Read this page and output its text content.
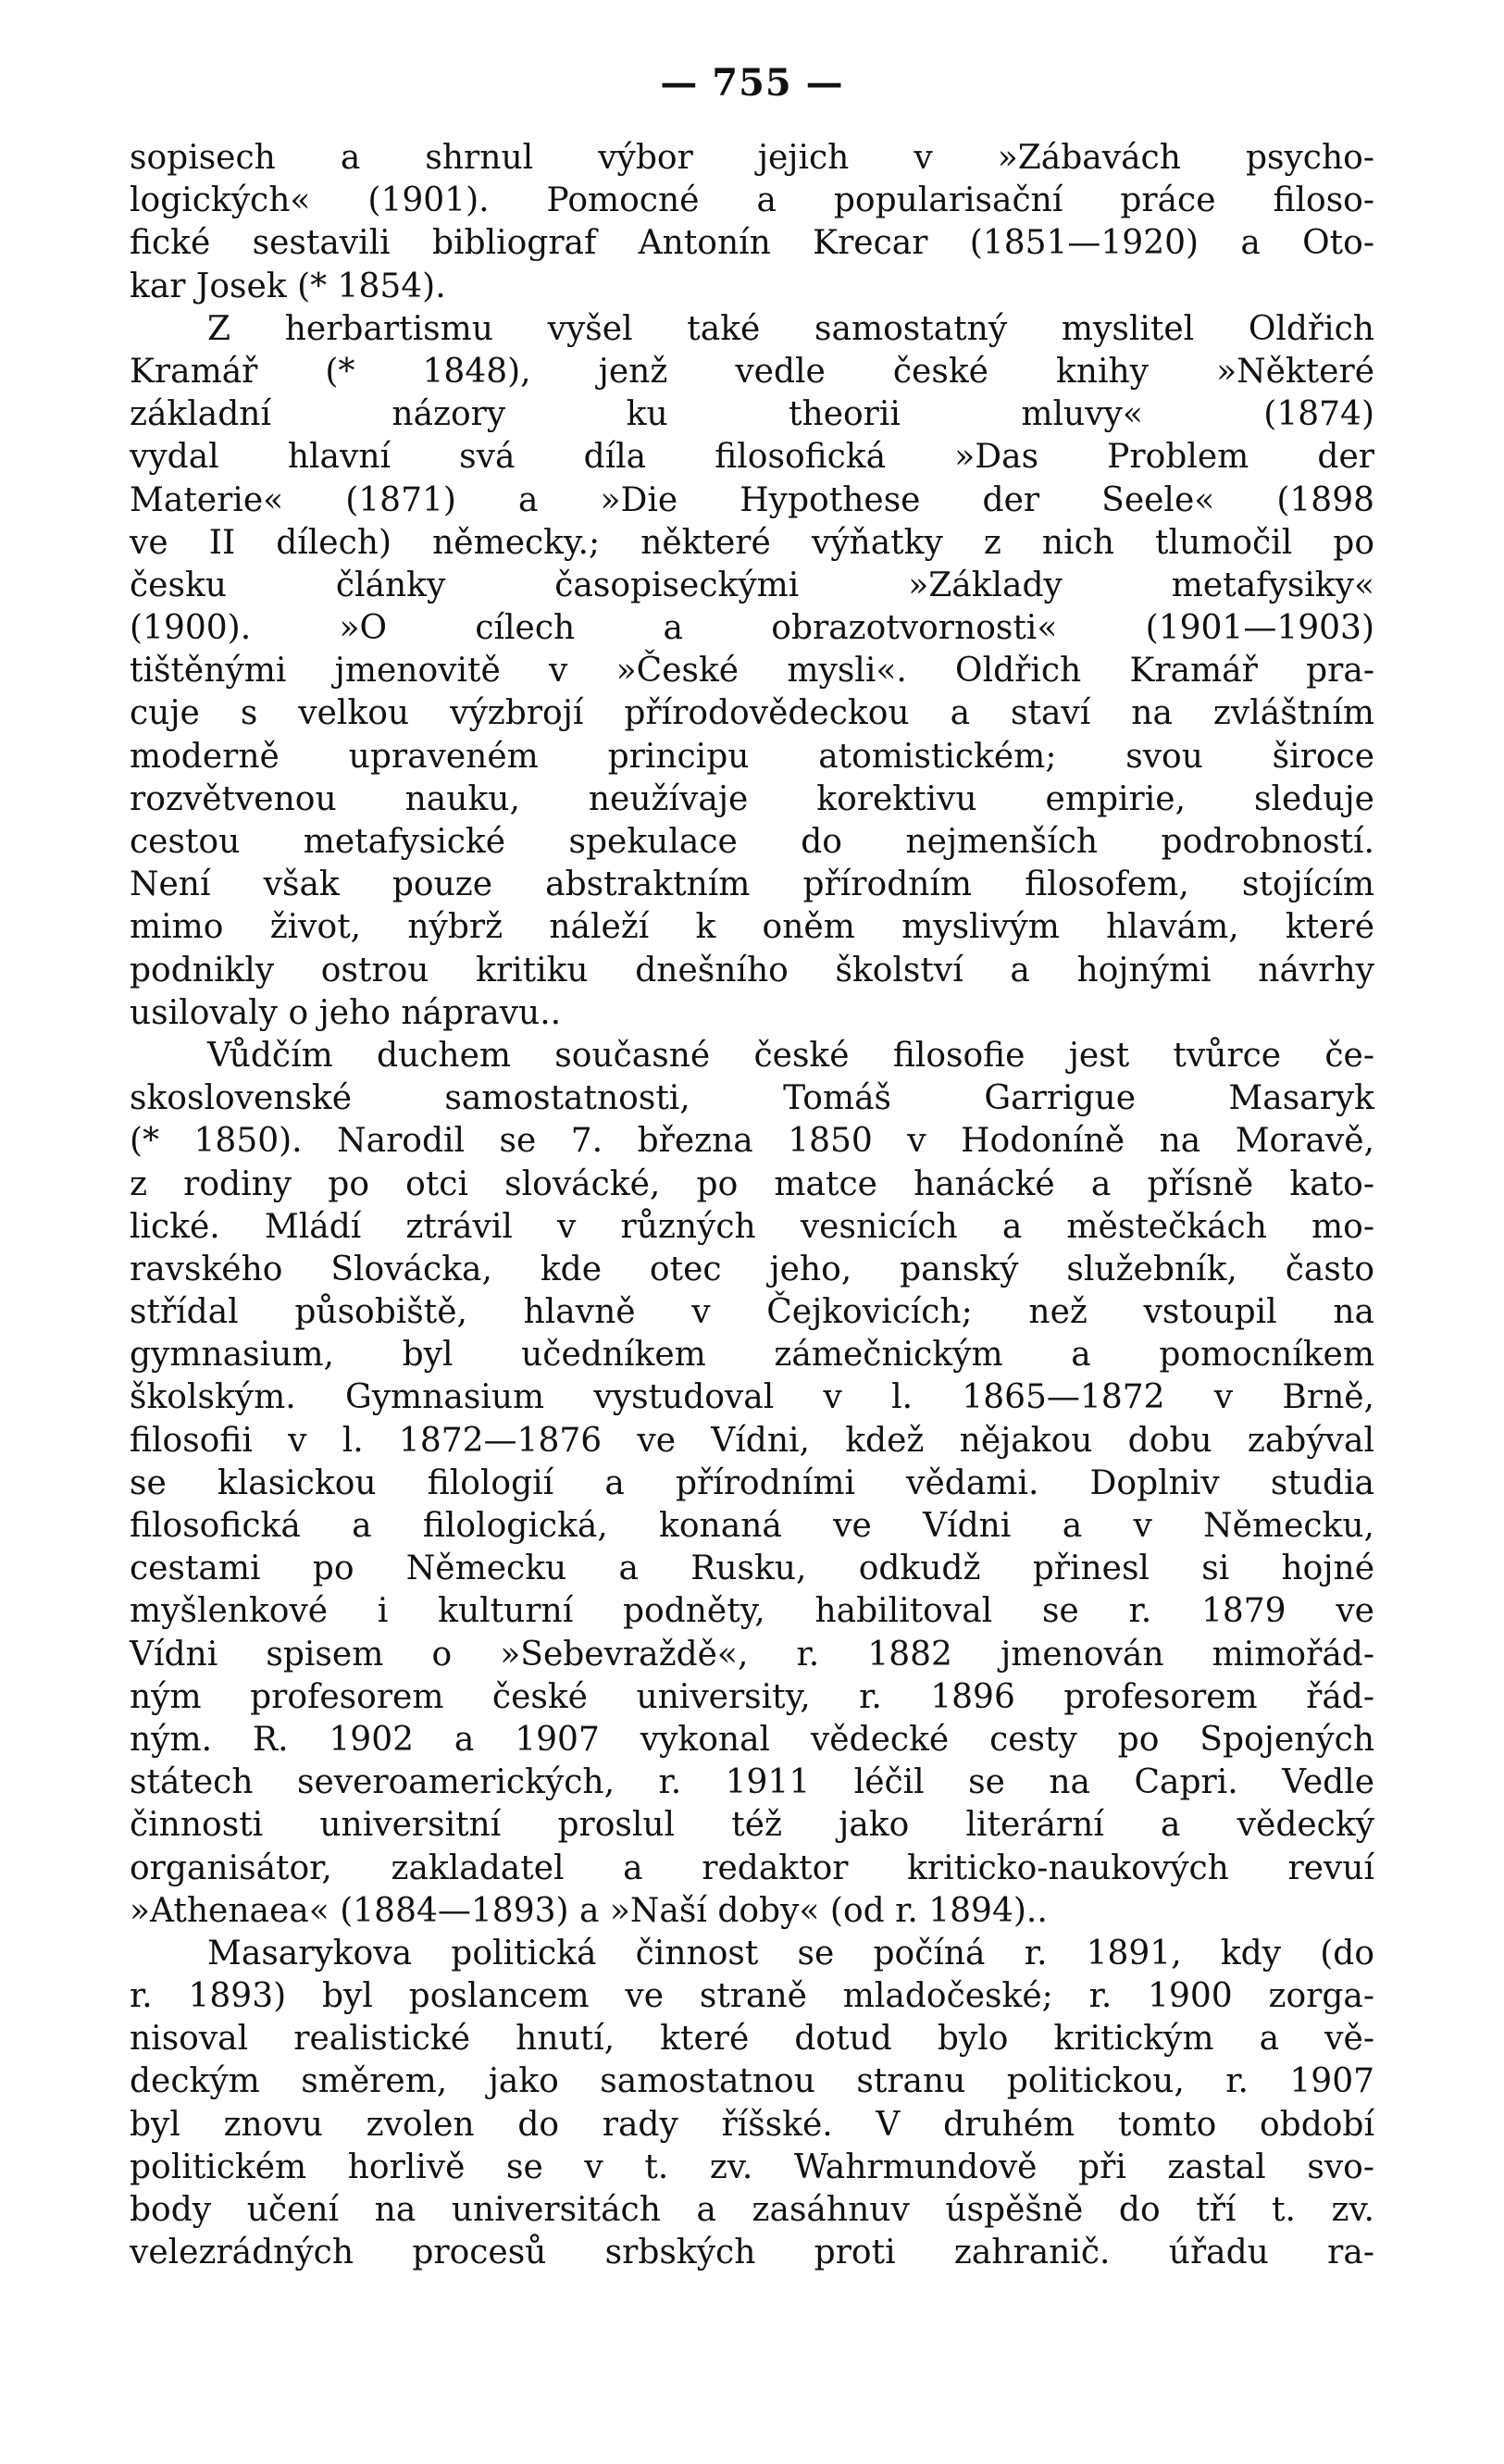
— 755 —
sopisech a shrnul výbor jejich v »Zábavách psycho-
logických« (1901). Pomocné a popularisační práce filoso-
fické sestavili bibliograf Antonín Krecar (1851—1920) a Oto-
kar Josek (* 1854).
Z herbartismu vyšel také samostatný myslitel Oldřich
Kramář (* 1848), jenž vedle české knihy »Některé
základní názory ku theorii mluvy« (1874)
vydal hlavní svá díla filosofická »Das Problem der
Materie« (1871) a »Die Hypothese der Seele« (1898
ve II dílech) německy.; některé výňatky z nich tlumočil po
česku články časopiseckými »Základy metafysiky«
(1900). »O cílech a obrazotvornosti« (1901—1903)
tištěnými jmenovitě v »České mysli«. Oldřich Kramář pra-
cuje s velkou výzbrojí přírodovědeckou a staví na zvláštním
moderně upraveném principu atomistickém; svou široce
rozvětvenou nauku, neužívaje korektivu empirie, sleduje
cestou metafysické spekulace do nejmenších podrobností.
Není však pouze abstraktním přírodním filosofem, stojícím
mimo život, nýbrž náleží k oněm myslivým hlavám, které
podnikly ostrou kritiku dnešního školství a hojnými návrhy
usilovaly o jeho nápravu..
Vůdčím duchem současné české filosofie jest tvůrce če-
skoslovenské samostatnosti, Tomáš Garrigue Masaryk
(* 1850). Narodil se 7. března 1850 v Hodoníně na Moravě,
z rodiny po otci slovácké, po matce hanácké a přísně kato-
lické. Mládí ztrávil v různých vesnicích a městečkách mo-
ravského Slovácka, kde otec jeho, panský služebník, často
střídal působiště, hlavně v Čejkovicích; než vstoupil na
gymnasium, byl učedníkem zámečnickým a pomocníkem
školským. Gymnasium vystudoval v l. 1865—1872 v Brně,
filosofii v l. 1872—1876 ve Vídni, kdež nějakou dobu zabýval
se klasickou filologií a přírodními vědami. Doplniv studia
filosofická a filologická, konaná ve Vídni a v Německu,
cestami po Německu a Rusku, odkudž přinesl si hojné
myšlenkové i kulturní podněty, habilitoval se r. 1879 ve
Vídni spisem o »Sebevraždě«, r. 1882 jmenován mimořád-
ným profesorem české university, r. 1896 profesorem řád-
ným. R. 1902 a 1907 vykonal vědecké cesty po Spojených
státech severoamerických, r. 1911 léčil se na Capri. Vedle
činnosti universitní proslul též jako literární a vědecký
organisátor, zakladatel a redaktor kriticko-naukových revuí
»Athenaea« (1884—1893) a »Naší doby« (od r. 1894)..
Masarykova politická činnost se počíná r. 1891, kdy (do
r. 1893) byl poslancem ve straně mladočeské; r. 1900 zorga-
nisoval realistické hnutí, které dotud bylo kritickým a vě-
deckým směrem, jako samostatnou stranu politickou, r. 1907
byl znovu zvolen do rady říšské. V druhém tomto období
politickém horlivě se v t. zv. Wahrmundově při zastal svo-
body učení na universitách a zasáhnuv úspěšně do tří t. zv.
velezrádných procesů srbských proti zahranič. úřadu ra-
